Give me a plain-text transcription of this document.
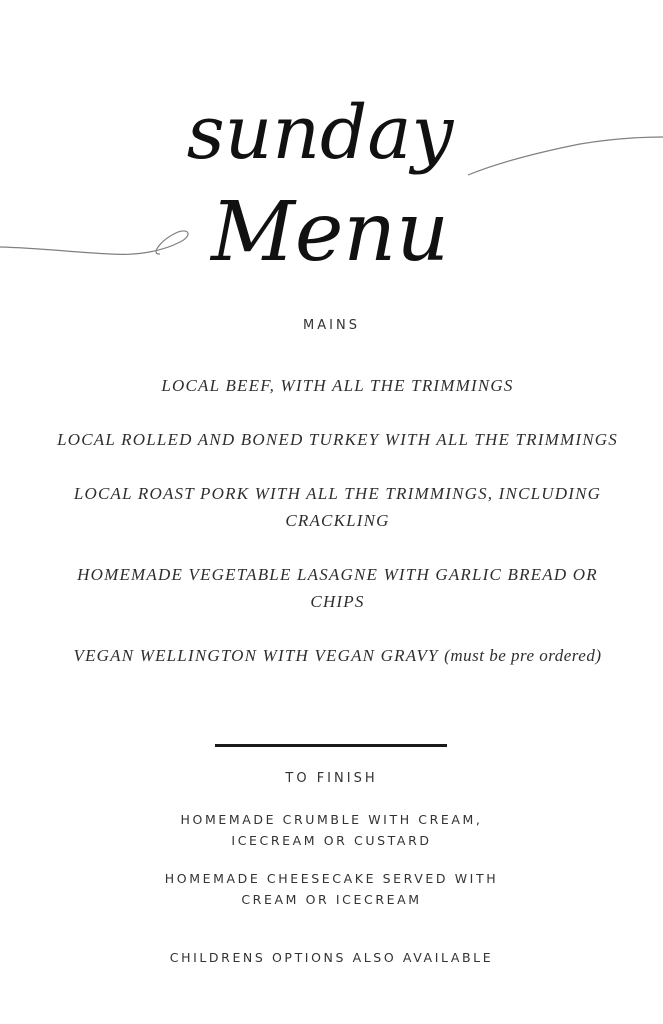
sunday
Menu
MAINS
LOCAL BEEF, WITH ALL THE TRIMMINGS
LOCAL ROLLED AND BONED TURKEY WITH ALL THE TRIMMINGS
LOCAL ROAST PORK WITH ALL THE TRIMMINGS, INCLUDING CRACKLING
HOMEMADE VEGETABLE LASAGNE WITH GARLIC BREAD OR CHIPS
VEGAN WELLINGTON WITH VEGAN GRAVY (must be pre ordered)
TO FINISH
HOMEMADE CRUMBLE WITH CREAM,
ICECREAM OR CUSTARD
HOMEMADE CHEESECAKE SERVED WITH
CREAM OR ICECREAM
CHILDRENS OPTIONS ALSO AVAILABLE
